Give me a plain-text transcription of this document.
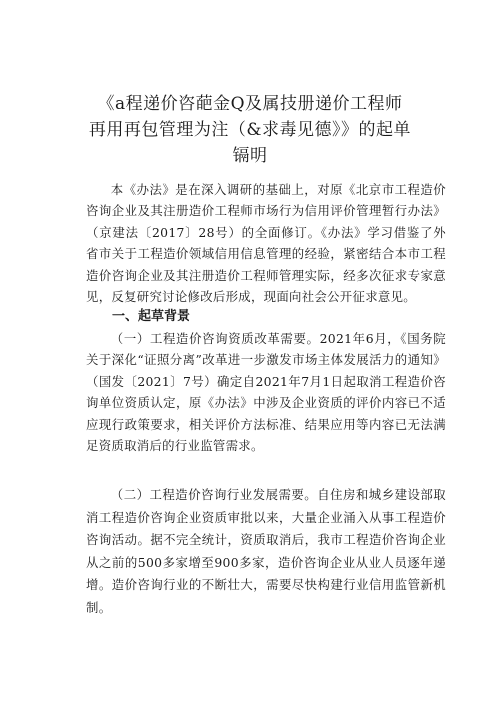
《a程递价咨葩金Q及属技册递价工程师
再用再包管理为注（&求毒见德》》的起单
镉明

本《办法》是在深入调研的基础上，对原《北京市工程造价咨询企业及其注册造价工程师市场行为信用评价管理暂行办法》（京建法〔2017〕28号）的全面修订。《办法》学习借鉴了外省市关于工程造价领域信用信息管理的经验，紧密结合本市工程造价咨询企业及其注册造价工程师管理实际，经多次征求专家意见，反复研究讨论修改后形成，现面向社会公开征求意见。

一、起草背景

（一）工程造价咨询资质改革需要。2021年6月，《国务院关于深化“证照分离”改革进一步激发市场主体发展活力的通知》（国发〔2021〕7号）确定自2021年7月1日起取消工程造价咨询单位资质认定，原《办法》中涉及企业资质的评价内容已不适应现行政策要求，相关评价方法标准、结果应用等内容已无法满足资质取消后的行业监管需求。

（二）工程造价咨询行业发展需要。自住房和城乡建设部取消工程造价咨询企业资质审批以来，大量企业涌入从事工程造价咨询活动。据不完全统计，资质取消后，我市工程造价咨询企业从之前的500多家增至900多家，造价咨询企业从业人员逐年递增。造价咨询行业的不断壮大，需要尽快构建行业信用监管新机制。
